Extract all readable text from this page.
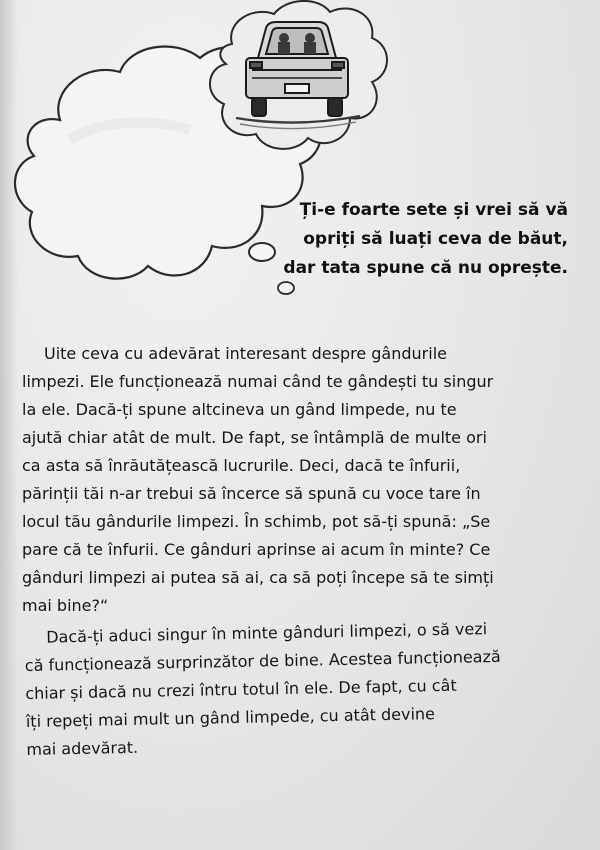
Ți-e foarte sete și vrei să vă
opriți să luați ceva de băut,
dar tata spune că nu oprește.
Uite ceva cu adevărat interesant despre gândurile
limpezi. Ele funcționează numai când te gândești tu singur
la ele. Dacă-ți spune altcineva un gând limpede, nu te
ajută chiar atât de mult. De fapt, se întâmplă de multe ori
ca asta să înrăutățească lucrurile. Deci, dacă te înfurii,
părinții tăi n-ar trebui să încerce să spună cu voce tare în
locul tău gândurile limpezi. În schimb, pot să-ți spună: „Se
pare că te înfurii. Ce gânduri aprinse ai acum în minte? Ce
gânduri limpezi ai putea să ai, ca să poți începe să te simți
mai bine?“
Dacă-ți aduci singur în minte gânduri limpezi, o să vezi
că funcționează surprinzător de bine. Acestea funcționează
chiar și dacă nu crezi întru totul în ele. De fapt, cu cât
îți repeți mai mult un gând limpede, cu atât devine
mai adevărat.
